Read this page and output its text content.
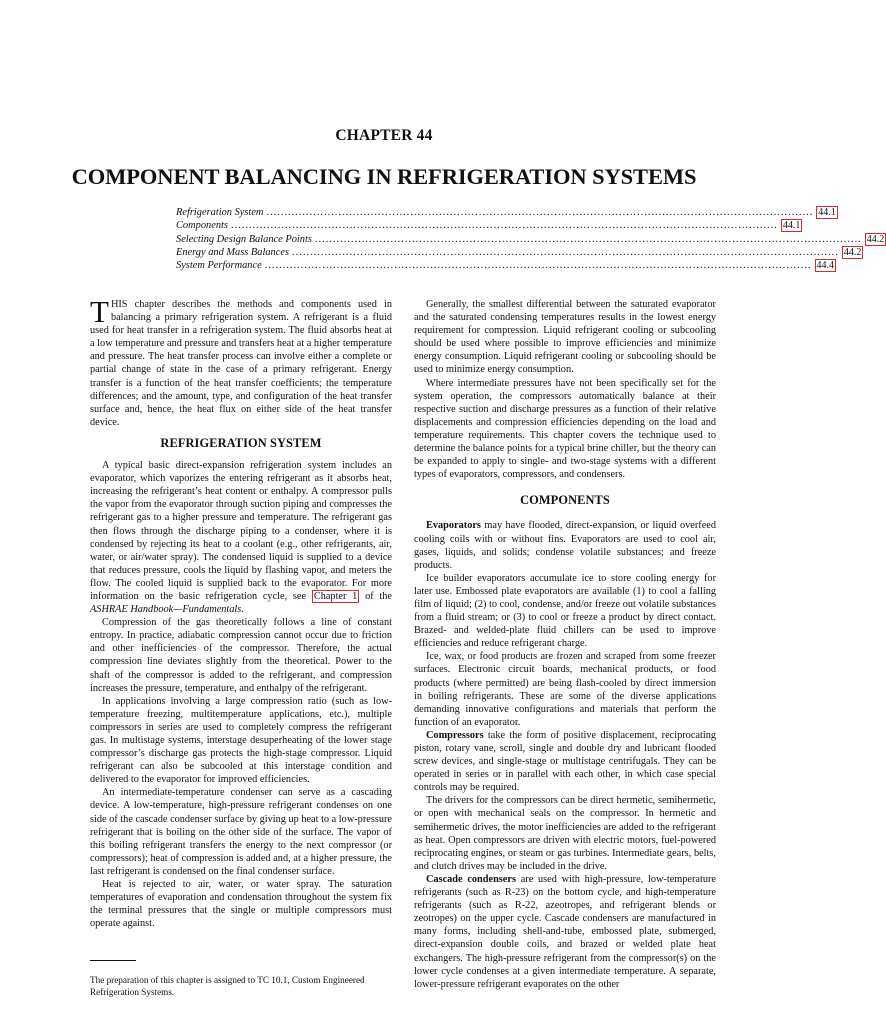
CHAPTER 44
COMPONENT BALANCING IN REFRIGERATION SYSTEMS
Refrigeration System ........................................................................................................................................................ 44.1
Components ........................................................................................................................................................ 44.1
Selecting Design Balance Points ........................................................................................................................................................ 44.2
Energy and Mass Balances ........................................................................................................................................................ 44.2
System Performance ........................................................................................................................................................ 44.4

THIS chapter describes the methods and components used in balancing a primary refrigeration system. A refrigerant is a fluid used for heat transfer in a refrigeration system. The fluid absorbs heat at a low temperature and pressure and transfers heat at a higher temperature and pressure. The heat transfer process can involve either a complete or partial change of state in the case of a primary refrigerant. Energy transfer is a function of the heat transfer coefficients; the temperature differences; and the amount, type, and configuration of the heat transfer surface and, hence, the heat flux on either side of the heat transfer device.

REFRIGERATION SYSTEM

A typical basic direct-expansion refrigeration system includes an evaporator, which vaporizes the entering refrigerant as it absorbs heat, increasing the refrigerant’s heat content or enthalpy. A compressor pulls the vapor from the evaporator through suction piping and compresses the refrigerant gas to a higher pressure and temperature. The refrigerant gas then flows through the discharge piping to a condenser, where it is condensed by rejecting its heat to a coolant (e.g., other refrigerants, air, water, or air/water spray). The condensed liquid is supplied to a device that reduces pressure, cools the liquid by flashing vapor, and meters the flow. The cooled liquid is supplied back to the evaporator. For more information on the basic refrigeration cycle, see Chapter 1 of the ASHRAE Handbook—Fundamentals.

Compression of the gas theoretically follows a line of constant entropy. In practice, adiabatic compression cannot occur due to friction and other inefficiencies of the compressor. Therefore, the actual compression line deviates slightly from the theoretical. Power to the shaft of the compressor is added to the refrigerant, and compression increases the pressure, temperature, and enthalpy of the refrigerant.

In applications involving a large compression ratio (such as low-temperature freezing, multitemperature applications, etc.), multiple compressors in series are used to completely compress the refrigerant gas. In multistage systems, interstage desuperheating of the lower stage compressor’s discharge gas protects the high-stage compressor. Liquid refrigerant can also be subcooled at this interstage condition and delivered to the evaporator for improved efficiencies.

An intermediate-temperature condenser can serve as a cascading device. A low-temperature, high-pressure refrigerant condenses on one side of the cascade condenser surface by giving up heat to a low-pressure refrigerant that is boiling on the other side of the surface. The vapor of this boiling refrigerant transfers the energy to the next compressor (or compressors); heat of compression is added and, at a higher pressure, the last refrigerant is condensed on the final condenser surface.

Heat is rejected to air, water, or water spray. The saturation temperatures of evaporation and condensation throughout the system fix the terminal pressures that the single or multiple compressors must operate against.

The preparation of this chapter is assigned to TC 10.1, Custom Engineered Refrigeration Systems.

Generally, the smallest differential between the saturated evaporator and the saturated condensing temperatures results in the lowest energy requirement for compression. Liquid refrigerant cooling or subcooling should be used where possible to improve efficiencies and minimize energy consumption. Liquid refrigerant cooling or subcooling should be used to minimize energy consumption.

Where intermediate pressures have not been specifically set for the system operation, the compressors automatically balance at their respective suction and discharge pressures as a function of their relative displacements and compression efficiencies depending on the load and temperature requirements. This chapter covers the technique used to determine the balance points for a typical brine chiller, but the theory can be expanded to apply to single- and two-stage systems with a different types of evaporators, compressors, and condensers.

COMPONENTS

Evaporators may have flooded, direct-expansion, or liquid overfeed cooling coils with or without fins. Evaporators are used to cool air, gases, liquids, and solids; condense volatile substances; and freeze products.

Ice builder evaporators accumulate ice to store cooling energy for later use. Embossed plate evaporators are available (1) to cool a falling film of liquid; (2) to cool, condense, and/or freeze out volatile substances from a fluid stream; or (3) to cool or freeze a product by direct contact. Brazed- and welded-plate fluid chillers can be used to improve efficiencies and reduce refrigerant charge.

Ice, wax, or food products are frozen and scraped from some freezer surfaces. Electronic circuit boards, mechanical products, or food products (where permitted) are being flash-cooled by direct immersion in boiling refrigerants. These are some of the diverse applications demanding innovative configurations and materials that perform the function of an evaporator.

Compressors take the form of positive displacement, reciprocating piston, rotary vane, scroll, single and double dry and lubricant flooded screw devices, and single-stage or multistage centrifugals. They can be operated in series or in parallel with each other, in which case special controls may be required.

The drivers for the compressors can be direct hermetic, semihermetic, or open with mechanical seals on the compressor. In hermetic and semihermetic drives, the motor inefficiencies are added to the refrigerant as heat. Open compressors are driven with electric motors, fuel-powered reciprocating engines, or steam or gas turbines. Intermediate gears, belts, and clutch drives may be included in the drive.

Cascade condensers are used with high-pressure, low-temperature refrigerants (such as R-23) on the bottom cycle, and high-temperature refrigerants (such as R-22, azeotropes, and refrigerant blends or zeotropes) on the upper cycle. Cascade condensers are manufactured in many forms, including shell-and-tube, embossed plate, submerged, direct-expansion double coils, and brazed or welded plate heat exchangers. The high-pressure refrigerant from the compressor(s) on the lower cycle condenses at a given intermediate temperature. A separate, lower-pressure refrigerant evaporates on the other
